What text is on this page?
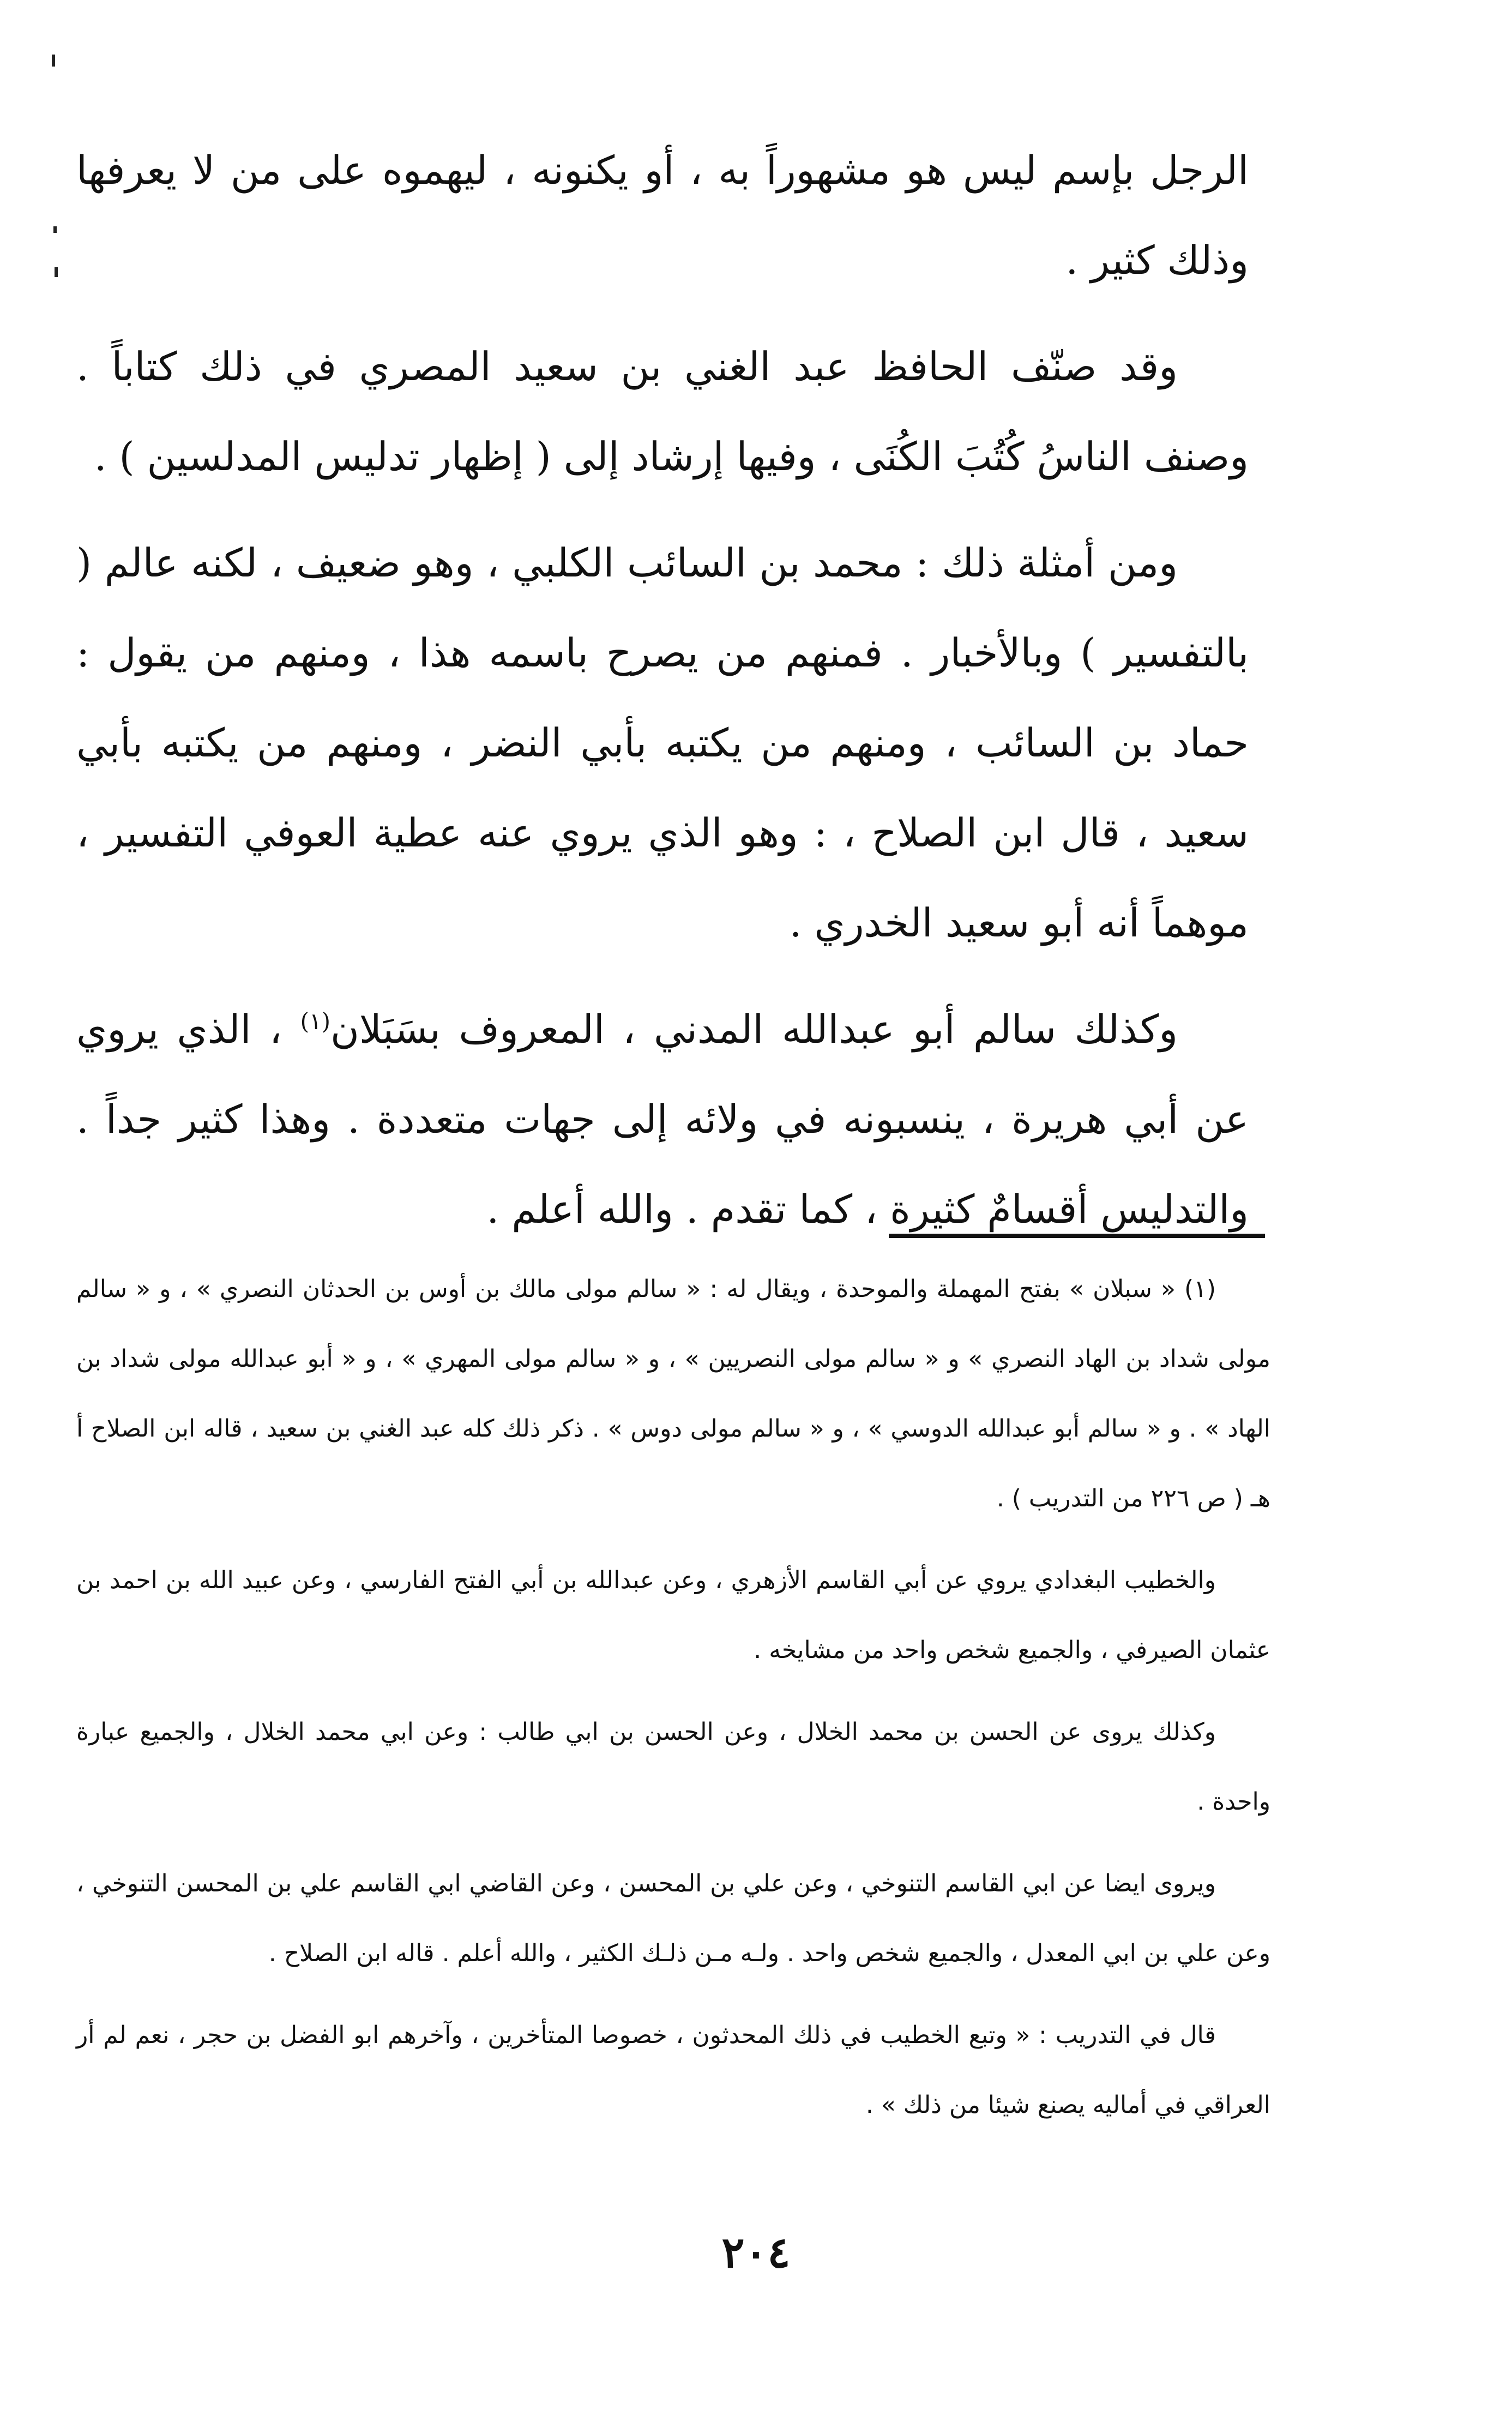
الرجل بإسم ليس هو مشهوراً به ، أو يكنونه ، ليهموه على من لا يعرفها وذلك كثير .

وقد صنّف الحافظ عبد الغني بن سعيد المصري في ذلك كتاباً . وصنف الناسُ كُتُبَ الكُنَى ، وفيها إرشاد إلى ( إظهار تدليس المدلسين ) .

ومن أمثلة ذلك : محمد بن السائب الكلبي ، وهو ضعيف ، لكنه عالم ( بالتفسير ) وبالأخبار . فمنهم من يصرح باسمه هذا ، ومنهم من يقول : حماد بن السائب ، ومنهم من يكتبه بأبي النضر ، ومنهم من يكتبه بأبي سعيد ، قال ابن الصلاح ، : وهو الذي يروي عنه عطية العوفي التفسير ، موهماً أنه أبو سعيد الخدري .

وكذلك سالم أبو عبدالله المدني ، المعروف بسَبَلان$^{(١)}$ ، الذي يروي عن أبي هريرة ، ينسبونه في ولائه إلى جهات متعددة . وهذا كثير جداً . والتدليس أقسامٌ كثيرة ، كما تقدم . والله أعلم .

(١) « سبلان » بفتح المهملة والموحدة ، ويقال له : « سالم مولى مالك بن أوس بن الحدثان النصري » ، و « سالم مولى شداد بن الهاد النصري » و « سالم مولى النصريين » ، و « سالم مولى المهري » ، و « أبو عبدالله مولى شداد بن الهاد » . و « سالم أبو عبدالله الدوسي » ، و « سالم مولى دوس » . ذكر ذلك كله عبد الغني بن سعيد ، قاله ابن الصلاح أ هـ ( ص ٢٢٦ من التدريب ) .

والخطيب البغدادي يروي عن أبي القاسم الأزهري ، وعن عبدالله بن أبي الفتح الفارسي ، وعن عبيد الله بن احمد بن عثمان الصيرفي ، والجميع شخص واحد من مشايخه .

وكذلك يروى عن الحسن بن محمد الخلال ، وعن الحسن بن ابي طالب : وعن ابي محمد الخلال ، والجميع عبارة واحدة .

ويروى ايضا عن ابي القاسم التنوخي ، وعن علي بن المحسن ، وعن القاضي ابي القاسم علي بن المحسن التنوخي ، وعن علي بن ابي المعدل ، والجميع شخص واحد . ولـه مـن ذلـك الكثير ، والله أعلم . قاله ابن الصلاح .

قال في التدريب : « وتبع الخطيب في ذلك المحدثون ، خصوصا المتأخرين ، وآخرهم ابو الفضل بن حجر ، نعم لم أر العراقي في أماليه يصنع شيئا من ذلك » .

٢٠٤
